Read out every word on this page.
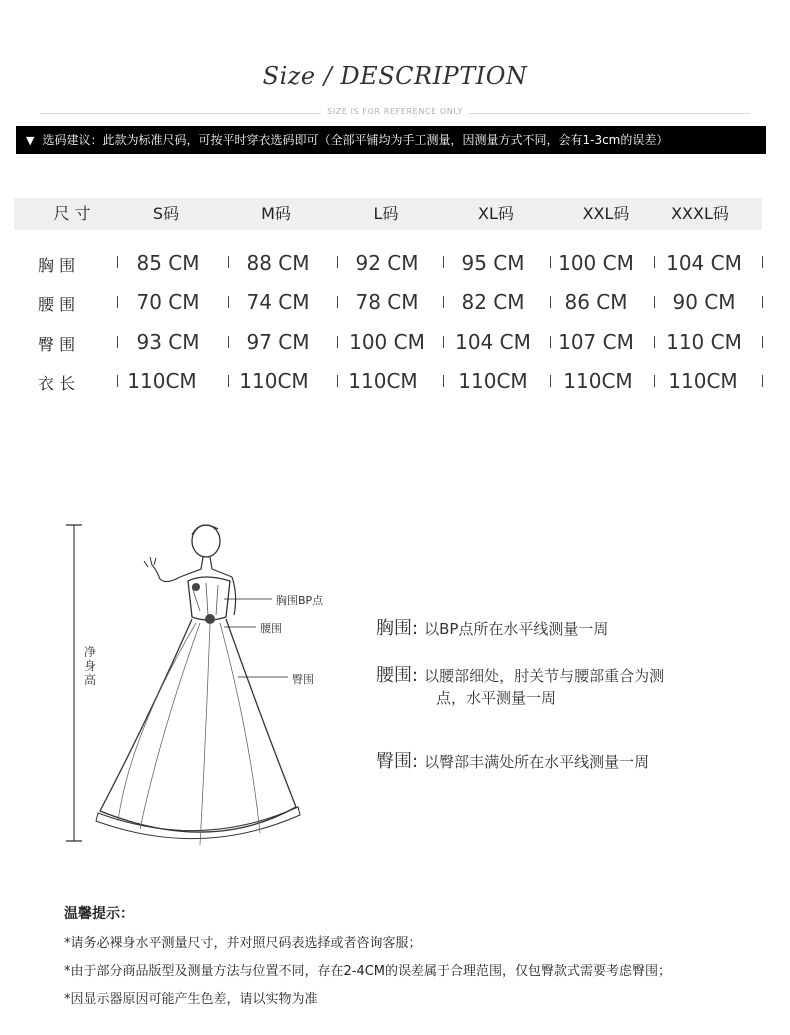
Size / DESCRIPTION
SIZE IS FOR REFERENCE ONLY
▼ 选码建议：此款为标准尺码，可按平时穿衣选码即可（全部平铺均为手工测量，因测量方式不同，会有1-3cm的误差）
尺 寸	S码	M码	L码	XL码	XXL码	XXXL码
胸 围	85 CM	88 CM	92 CM	95 CM	100 CM	104 CM
腰 围	70 CM	74 CM	78 CM	82 CM	86 CM	90 CM
臀 围	93 CM	97 CM	100 CM	104 CM	107 CM	110 CM
衣 长	110CM	110CM	110CM	110CM	110CM	110CM
净身高
胸围BP点
腰围
臀围
胸围: 以BP点所在水平线测量一周
腰围: 以腰部细处，肘关节与腰部重合为测
点，水平测量一周
臀围: 以臀部丰满处所在水平线测量一周
温馨提示：
*请务必裸身水平测量尺寸，并对照尺码表选择或者咨询客服；
*由于部分商品版型及测量方法与位置不同，存在2-4CM的误差属于合理范围，仅包臀款式需要考虑臀围；
*因显示器原因可能产生色差，请以实物为准
